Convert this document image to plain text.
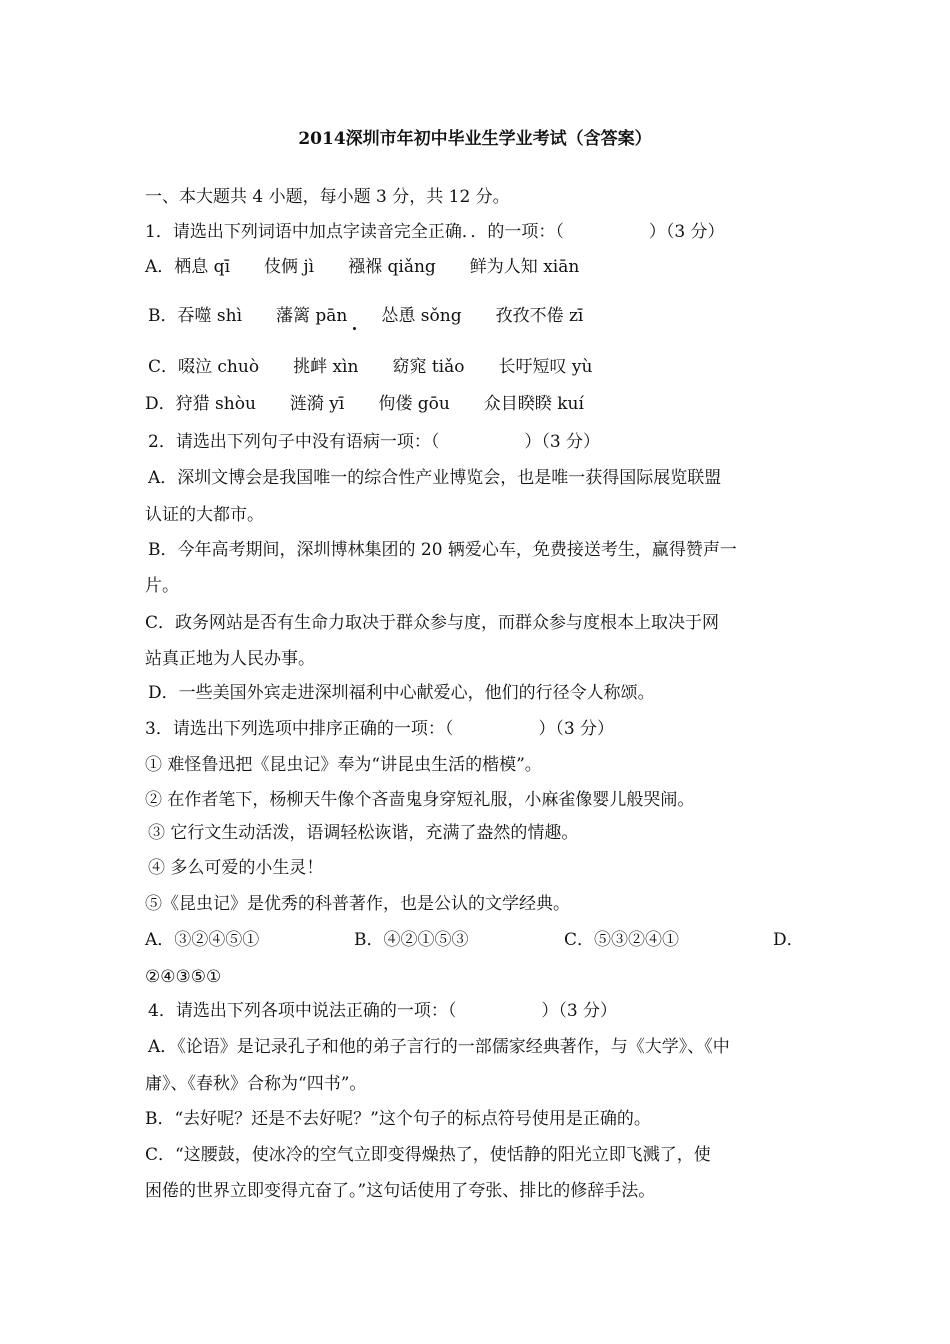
2014深圳市年初中毕业生学业考试（含答案）
一、本大题共 4 小题，每小题 3 分，共 12 分。
1．请选出下列词语中加点字读音完全正确．．的一项：（　　　　　）（3 分）
A．栖息 qī　　伎俩 jì　　襁褓 qiǎng　　鲜为人知 xiān
B．吞噬 shì　　藩篱 pān　　怂恿 sǒng　　孜孜不倦 zī
C．啜泣 chuò　　挑衅 xìn　　窈窕 tiǎo　　长吁短叹 yù
D．狩猎 shòu　　涟漪 yī　　佝偻 gōu　　众目睽睽 kuí
2．请选出下列句子中没有语病一项：（　　　　　）（3 分）
A．深圳文博会是我国唯一的综合性产业博览会，也是唯一获得国际展览联盟
认证的大都市。
B．今年高考期间，深圳博林集团的 20 辆爱心车，免费接送考生，赢得赞声一
片。
C．政务网站是否有生命力取决于群众参与度，而群众参与度根本上取决于网
站真正地为人民办事。
D．一些美国外宾走进深圳福利中心献爱心，他们的行径令人称颂。
3．请选出下列选项中排序正确的一项：（　　　　　）（3 分）
① 难怪鲁迅把《昆虫记》奉为“讲昆虫生活的楷模”。
② 在作者笔下，杨柳天牛像个吝啬鬼身穿短礼服，小麻雀像婴儿般哭闹。
③ 它行文生动活泼，语调轻松诙谐，充满了盎然的情趣。
④ 多么可爱的小生灵！
⑤《昆虫记》是优秀的科普著作，也是公认的文学经典。
A．③②④⑤①	B．④②①⑤③	C．⑤③②④①	D．
②④③⑤①
4．请选出下列各项中说法正确的一项：（　　　　　）（3 分）
A．《论语》是记录孔子和他的弟子言行的一部儒家经典著作，与《大学》、《中
庸》、《春秋》合称为“四书”。
B．“去好呢？还是不去好呢？”这个句子的标点符号使用是正确的。
C．“这腰鼓，使冰冷的空气立即变得燥热了，使恬静的阳光立即飞溅了，使
困倦的世界立即变得亢奋了。”这句话使用了夸张、排比的修辞手法。
